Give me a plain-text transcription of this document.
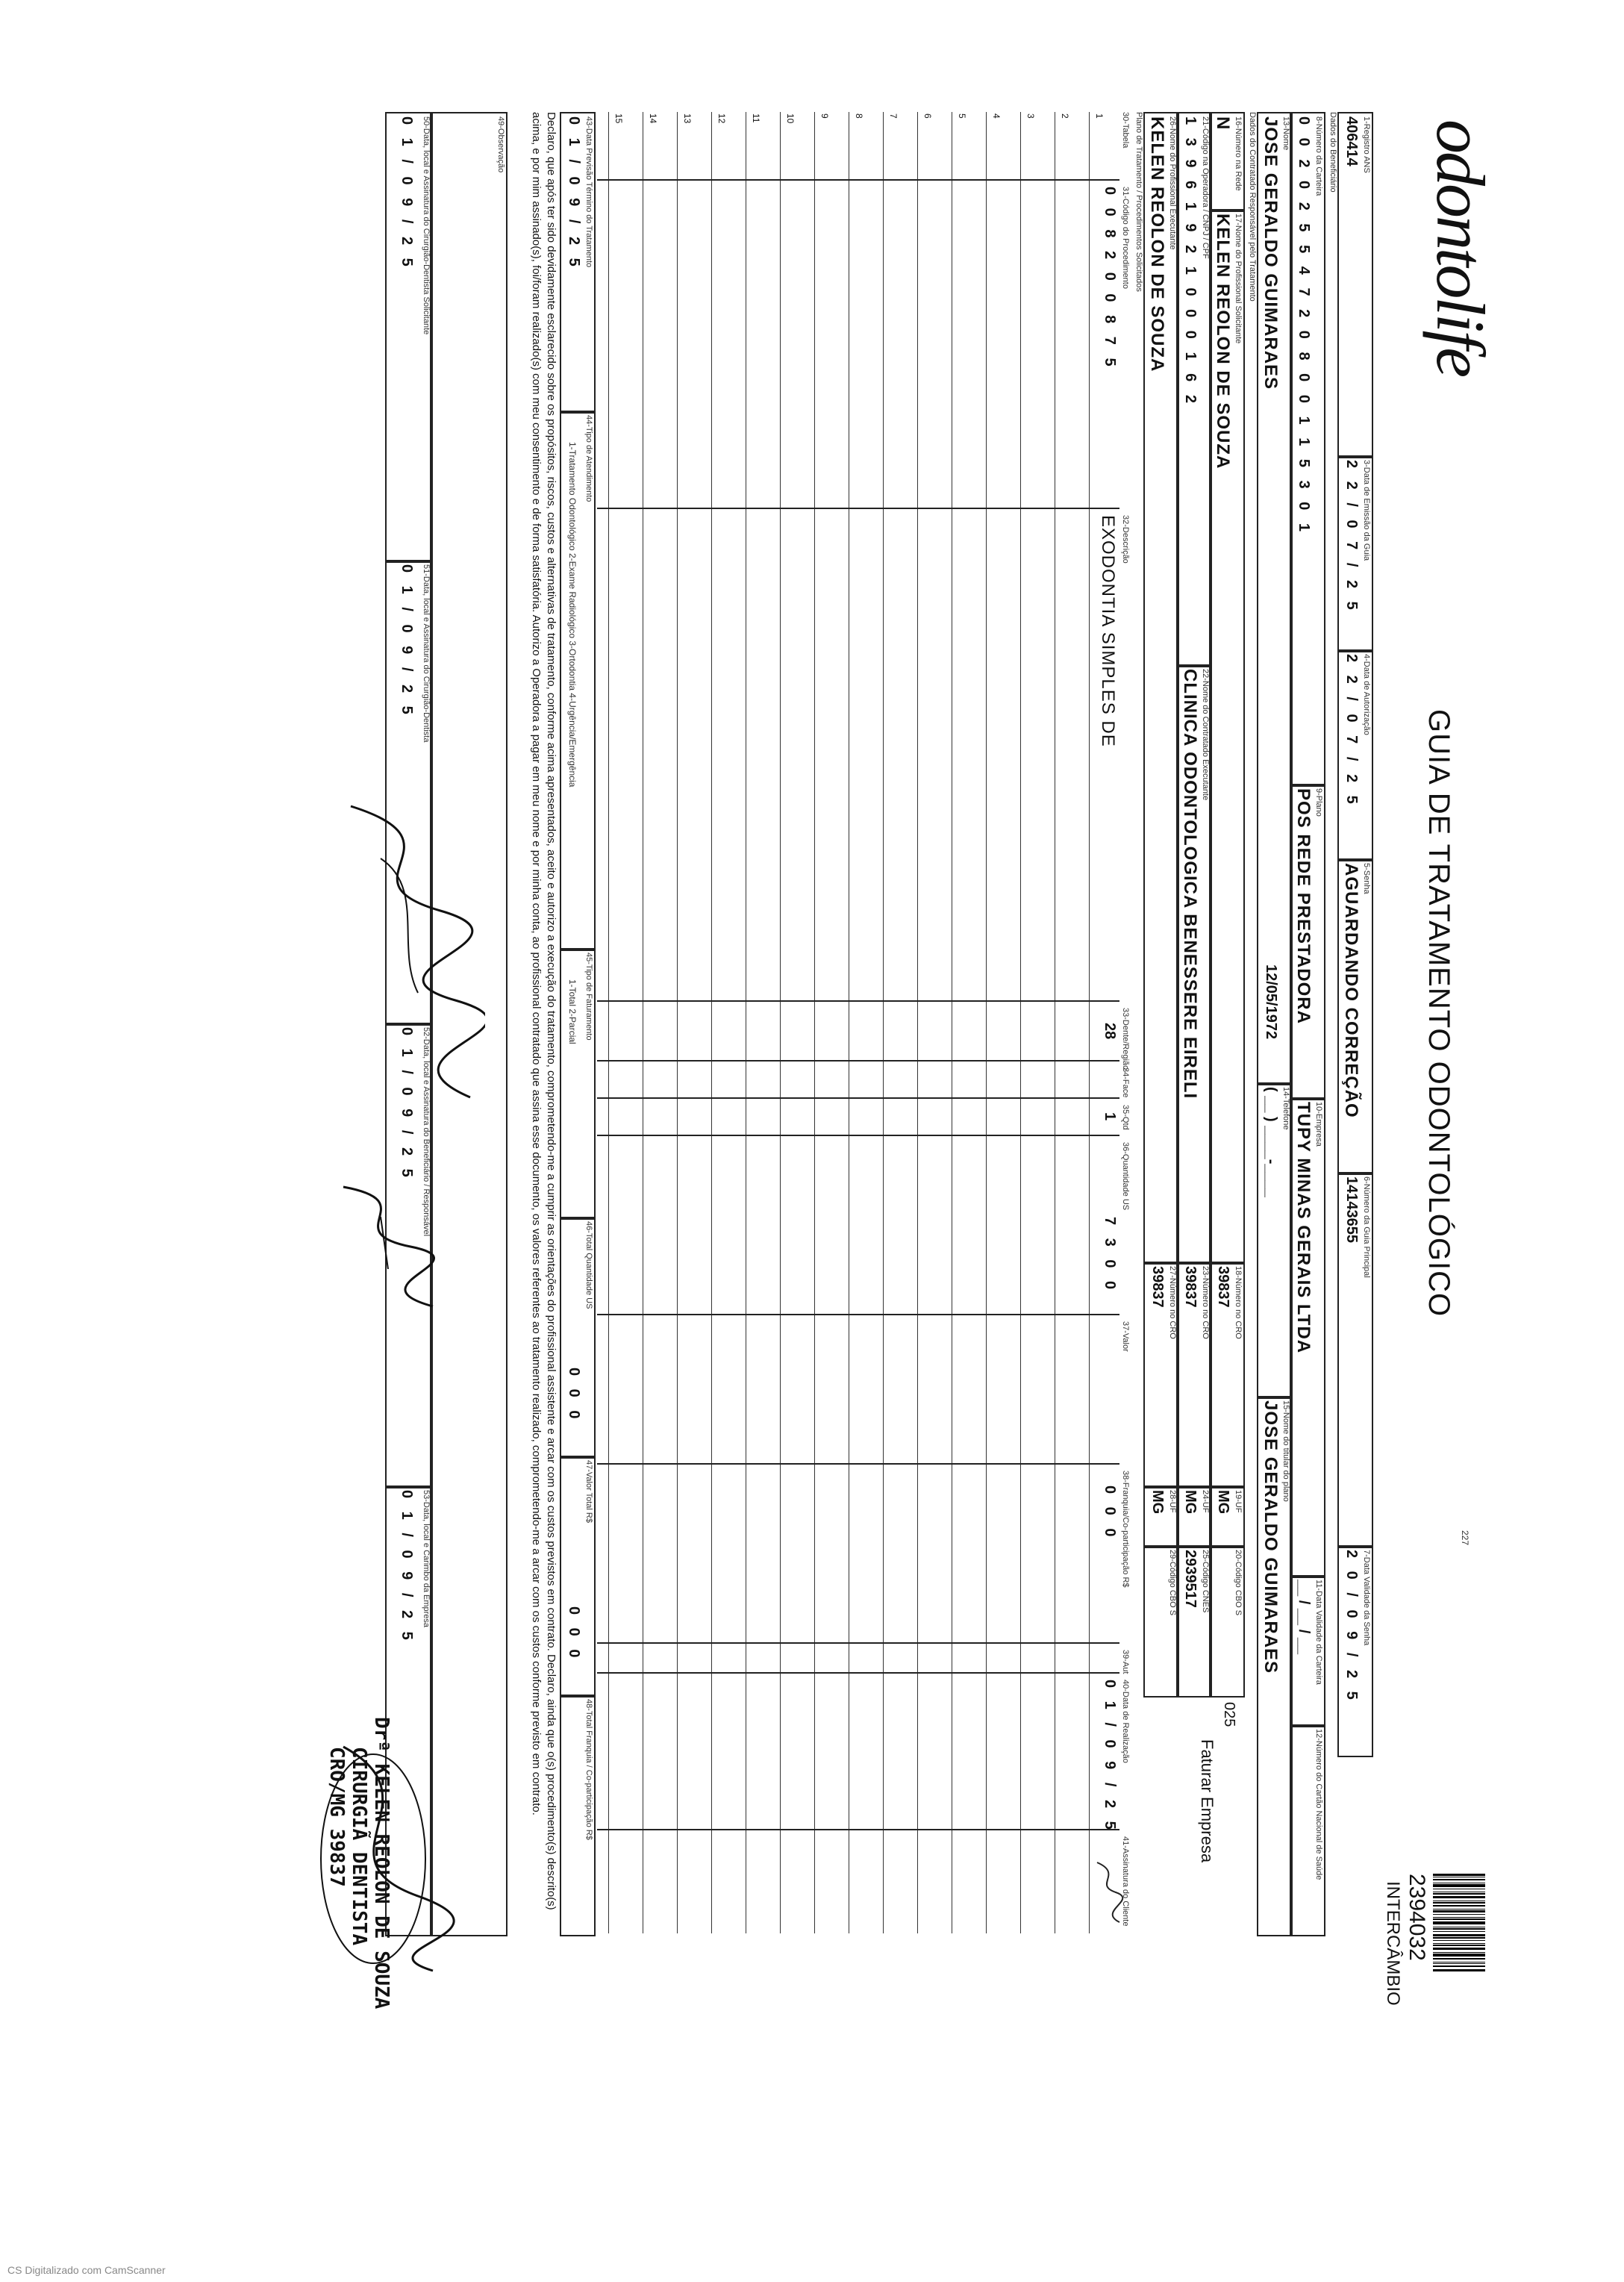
odontolife
GUIA DE TRATAMENTO ODONTOLÓGICO
227
2394032
INTERCÂMBIO
1-Registro ANS
406414
3-Data de Emissão da Guia
2 2 / 0 7 / 2 5
4-Data de Autorização
2 2 / 0 7 / 2 5
5-Senha
AGUARDANDO CORREÇÃO
6-Número da Guia Principal
14143655
7-Data Validade da Senha
2 0 / 0 9 / 2 5
Dados do Beneficiário
8-Número da Carteira
0 0 2 0 2 5 5 4 7 2 0 8 0 0 1 1 5 3 0 1
9-Plano
POS REDE PRESTADORA
10-Empresa
TUPY MINAS GERAIS LTDA
11-Data Validade da Carteira
__ / __ / __
12-Número do Cartão Nacional de Saúde
13-Nome
JOSE GERALDO GUIMARAES
12/05/1972
14-Telefone
( __ ) ____-____
15-Nome do titular do plano
JOSE GERALDO GUIMARAES
Dados do Contratado Responsável pelo Tratamento
16-Número na Rede
N
17-Nome do Profissional Solicitante
KELEN REOLON DE SOUZA
18-Número no CRO
39837
19-UF
MG
20-Código CBO S
025
Faturar Empresa
21-Código na Operadora / CNPJ / CPF
1 3 9 6 1 9 2 1 0 0 0 1 6 2
22-Nome do Contratado Executante
CLINICA ODONTOLOGICA BENESSERE EIRELI
23-Número no CRO
39837
24-UF
MG
25-Código CNES
2939517
26-Nome do Profissional Executante
KELEN REOLON DE SOUZA
27-Número no CRO
39837
28-UF
MG
29-Código CBO S
Plano de Tratamento / Procedimentos Solicitados
30-Tabela
31-Código do Procedimento
32-Descrição
33-Dente/Região
34-Face
35-Qtd
36-Quantidade US
37-Valor
38-Franquia/Co-participação R$
39-Aut
40-Data de Realização
41-Assinatura do Cliente
0 0 8 2 0 0 8 7 5
EXODONTIA SIMPLES DE
28
1
7 3 0 0
0 0 0
0 1 / 0 9 / 2 5
1
2
3
4
5
6
7
8
9
10
11
12
13
14
15
43-Data Previsão Término do Tratamento
0 1 / 0 9 / 2 5
44-Tipo de Atendimento
1-Tratamento Odontológico 2-Exame Radiológico 3-Ortodontia 4-Urgência/Emergência
45-Tipo de Faturamento
1-Total 2-Parcial
46-Total Quantidade US
0 0 0
47-Valor Total R$
0 0 0
48-Total Franquia / Co-participação R$
Declaro, que após ter sido devidamente esclarecido sobre os propósitos, riscos, custos e alternativas de tratamento, conforme acima apresentados, aceito e autorizo a execução do tratamento, comprometendo-me a cumprir as orientações do profissional assistente e arcar com os custos previstos em contrato. Declaro, ainda que o(s) procedimento(s) descrito(s) acima, e por mim assinado(s), foi/foram realizado(s) com meu consentimento e de forma satisfatória. Autorizo a Operadora a pagar em meu nome e por minha conta, ao profissional contratado que assina esse documento, os valores referentes ao tratamento realizado, comprometendo-me a arcar com os custos conforme previsto em contrato.
49-Observação
50-Data, local e Assinatura do Cirurgião-Dentista Solicitante
0 1 / 0 9 / 2 5
51-Data, local e Assinatura do Cirurgião-Dentista
0 1 / 0 9 / 2 5
52-Data, local e Assinatura do Beneficiário / Responsável
0 1 / 0 9 / 2 5
53-Data, local e Carimbo da Empresa
0 1 / 0 9 / 2 5
Drª KELEN REOLON DE SOUZA
CIRURGIÃ DENTISTA
CRO/MG 39837
CS Digitalizado com CamScanner
